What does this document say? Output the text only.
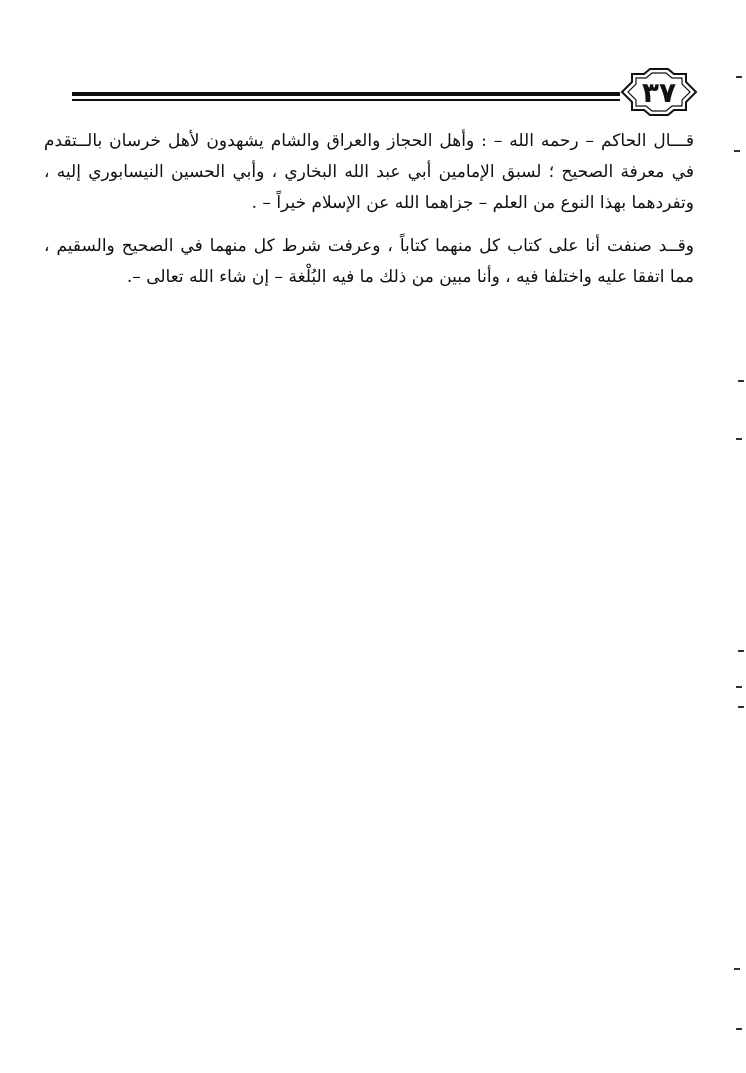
٣٧

قـــال الحاكم – رحمه الله – : وأهل الحجاز والعراق والشام يشهدون لأهل خرسان بالــتقدم في معرفة الصحيح ؛ لسبق الإمامين أبي عبد الله البخاري ، وأبي الحسين النيسابوري إليه ، وتفردهما بهذا النوع من العلم – جزاهما الله عن الإسلام خيراً – .

وقــد صنفت أنا على كتاب كل منهما كتاباً ، وعرفت شرط كل منهما في الصحيح والسقيم ، مما اتفقا عليه واختلفا فيه ، وأنا مبين من ذلك ما فيه البُلْغة – إن شاء الله تعالى –.
